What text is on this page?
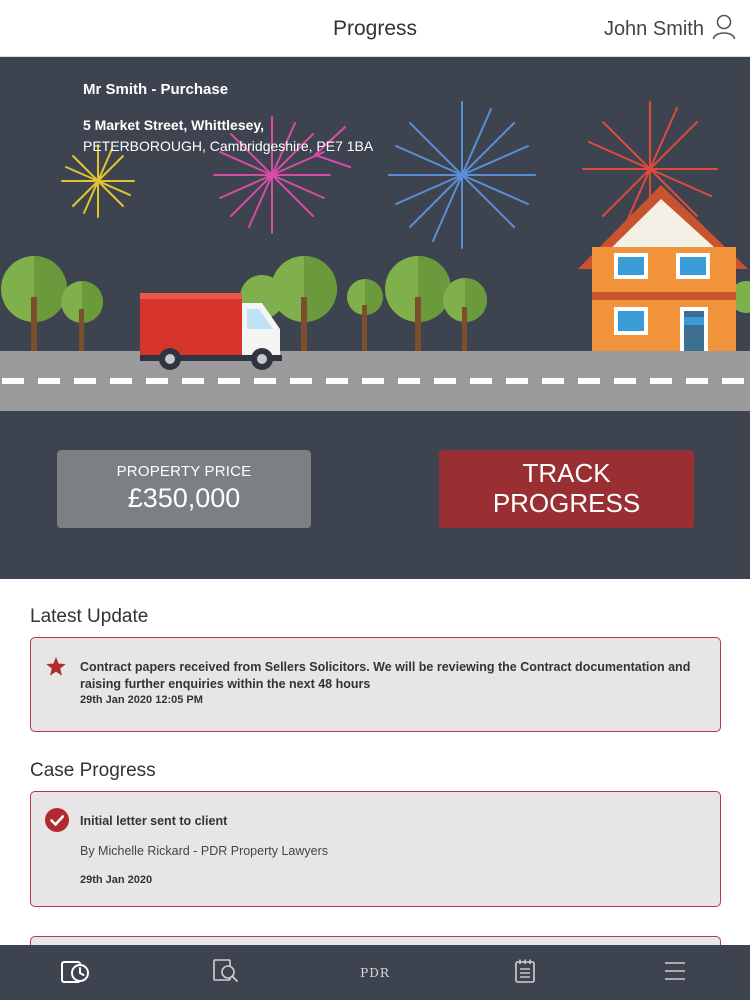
Progress	John Smith
Mr Smith - Purchase
5 Market Street, Whittlesey,
PETERBOROUGH, Cambridgeshire, PE7 1BA
PROPERTY PRICE
£350,000
TRACK
PROGRESS
Latest Update
Contract papers received from Sellers Solicitors. We will be reviewing the Contract documentation and raising further enquiries within the next 48 hours
29th Jan 2020 12:05 PM
Case Progress
Initial letter sent to client
By Michelle Rickard - PDR Property Lawyers
29th Jan 2020
PDR
